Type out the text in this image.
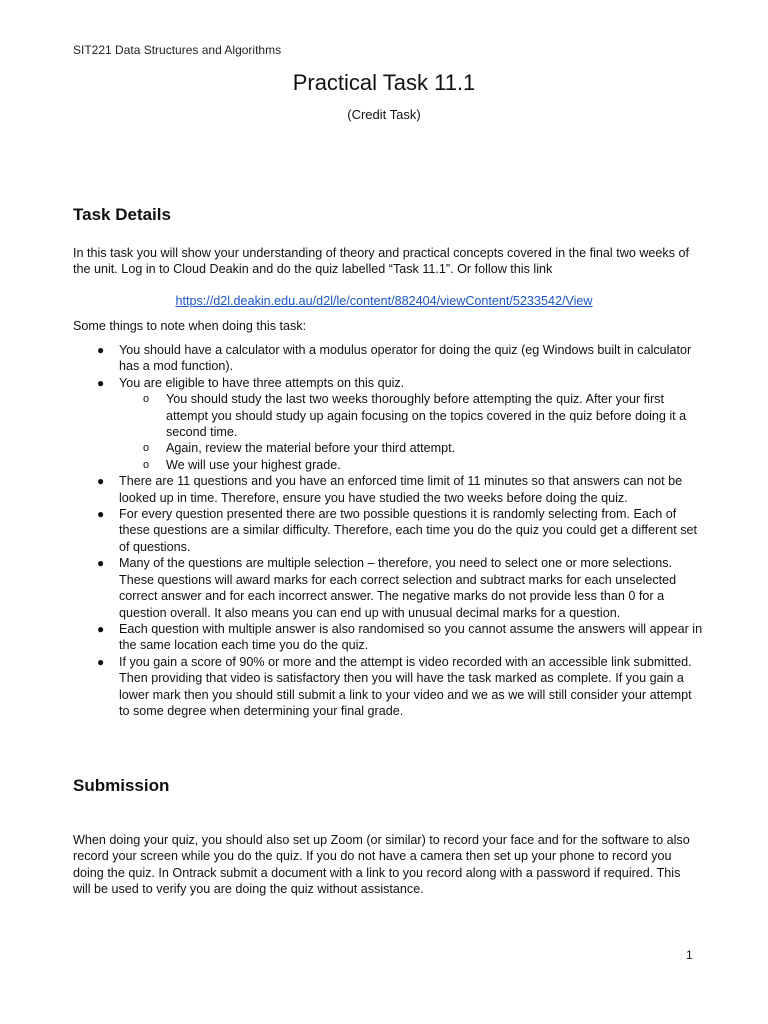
SIT221 Data Structures and Algorithms
Practical Task 11.1
(Credit Task)
Task Details
In this task you will show your understanding of theory and practical concepts covered in the final two weeks of the unit. Log in to Cloud Deakin and do the quiz labelled “Task 11.1”. Or follow this link
https://d2l.deakin.edu.au/d2l/le/content/882404/viewContent/5233542/View
Some things to note when doing this task:
● You should have a calculator with a modulus operator for doing the quiz (eg Windows built in calculator has a mod function).
● You are eligible to have three attempts on this quiz.
o You should study the last two weeks thoroughly before attempting the quiz. After your first attempt you should study up again focusing on the topics covered in the quiz before doing it a second time.
o Again, review the material before your third attempt.
o We will use your highest grade.
● There are 11 questions and you have an enforced time limit of 11 minutes so that answers can not be looked up in time. Therefore, ensure you have studied the two weeks before doing the quiz.
● For every question presented there are two possible questions it is randomly selecting from. Each of these questions are a similar difficulty. Therefore, each time you do the quiz you could get a different set of questions.
● Many of the questions are multiple selection – therefore, you need to select one or more selections. These questions will award marks for each correct selection and subtract marks for each unselected correct answer and for each incorrect answer. The negative marks do not provide less than 0 for a question overall. It also means you can end up with unusual decimal marks for a question.
● Each question with multiple answer is also randomised so you cannot assume the answers will appear in the same location each time you do the quiz.
● If you gain a score of 90% or more and the attempt is video recorded with an accessible link submitted. Then providing that video is satisfactory then you will have the task marked as complete. If you gain a lower mark then you should still submit a link to your video and we as we will still consider your attempt to some degree when determining your final grade.
Submission
When doing your quiz, you should also set up Zoom (or similar) to record your face and for the software to also record your screen while you do the quiz. If you do not have a camera then set up your phone to record you doing the quiz. In Ontrack submit a document with a link to you record along with a password if required. This will be used to verify you are doing the quiz without assistance.
1
